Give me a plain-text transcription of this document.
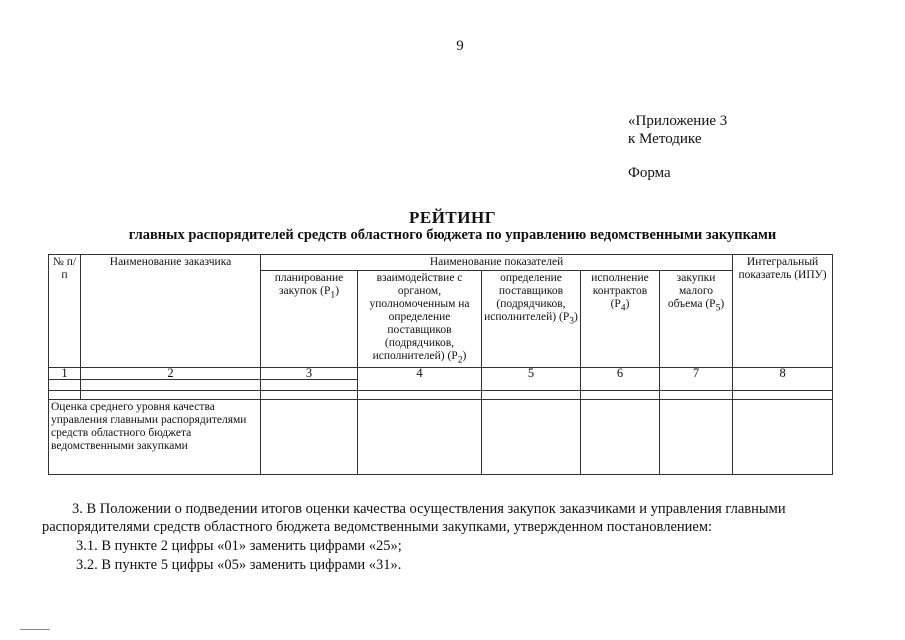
9
«Приложение 3
к Методике
Форма
РЕЙТИНГ
главных распорядителей средств областного бюджета по управлению ведомственными закупками
№ п/п	Наименование заказчика	Наименование показателей					Интегральный показатель (ИПУ)
		планирование закупок $(P_1)$	взаимодействие с органом, уполномоченным на определение поставщиков (подрядчиков, исполнителей) $(P_2)$	определение поставщиков (подрядчиков, исполнителей) $(P_3)$	исполнение контрактов $(P_4)$	закупки малого объема $(P_5)$	
1	2	3	4	5	6	7	8

Оценка среднего уровня качества управления главными распорядителями средств областного бюджета ведомственными закупками							
3. В Положении о подведении итогов оценки качества осуществления закупок заказчиками и управления главными
распорядителями средств областного бюджета ведомственными закупками, утвержденном постановлением:
3.1. В пункте 2 цифры «01» заменить цифрами «25»;
3.2. В пункте 5 цифры «05» заменить цифрами «31».
